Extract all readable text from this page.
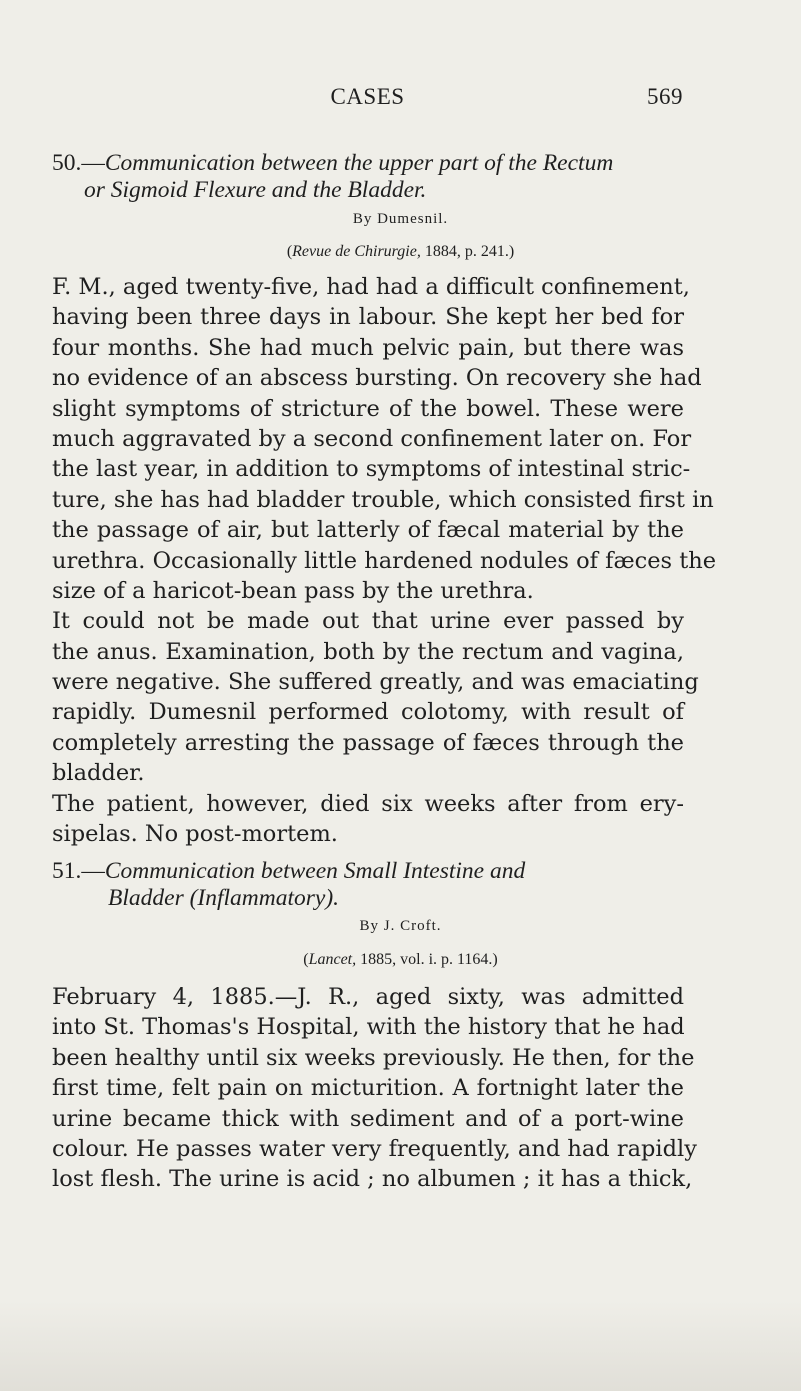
CASES	569
50.—Communication between the upper part of the Rectum
or Sigmoid Flexure and the Bladder.
By Dumesnil.
(Revue de Chirurgie, 1884, p. 241.)
F. M., aged twenty-five, had had a difficult confinement,
having been three days in labour. She kept her bed for
four months. She had much pelvic pain, but there was
no evidence of an abscess bursting. On recovery she had
slight symptoms of stricture of the bowel. These were
much aggravated by a second confinement later on. For
the last year, in addition to symptoms of intestinal stric-
ture, she has had bladder trouble, which consisted first in
the passage of air, but latterly of fæcal material by the
urethra. Occasionally little hardened nodules of fæces the
size of a haricot-bean pass by the urethra.
It could not be made out that urine ever passed by
the anus. Examination, both by the rectum and vagina,
were negative. She suffered greatly, and was emaciating
rapidly. Dumesnil performed colotomy, with result of
completely arresting the passage of fæces through the
bladder.
The patient, however, died six weeks after from ery-
sipelas. No post-mortem.
51.—Communication between Small Intestine and
Bladder (Inflammatory).
By J. Croft.
(Lancet, 1885, vol. i. p. 1164.)
February 4, 1885.—J. R., aged sixty, was admitted
into St. Thomas's Hospital, with the history that he had
been healthy until six weeks previously. He then, for the
first time, felt pain on micturition. A fortnight later the
urine became thick with sediment and of a port-wine
colour. He passes water very frequently, and had rapidly
lost flesh. The urine is acid ; no albumen ; it has a thick,
